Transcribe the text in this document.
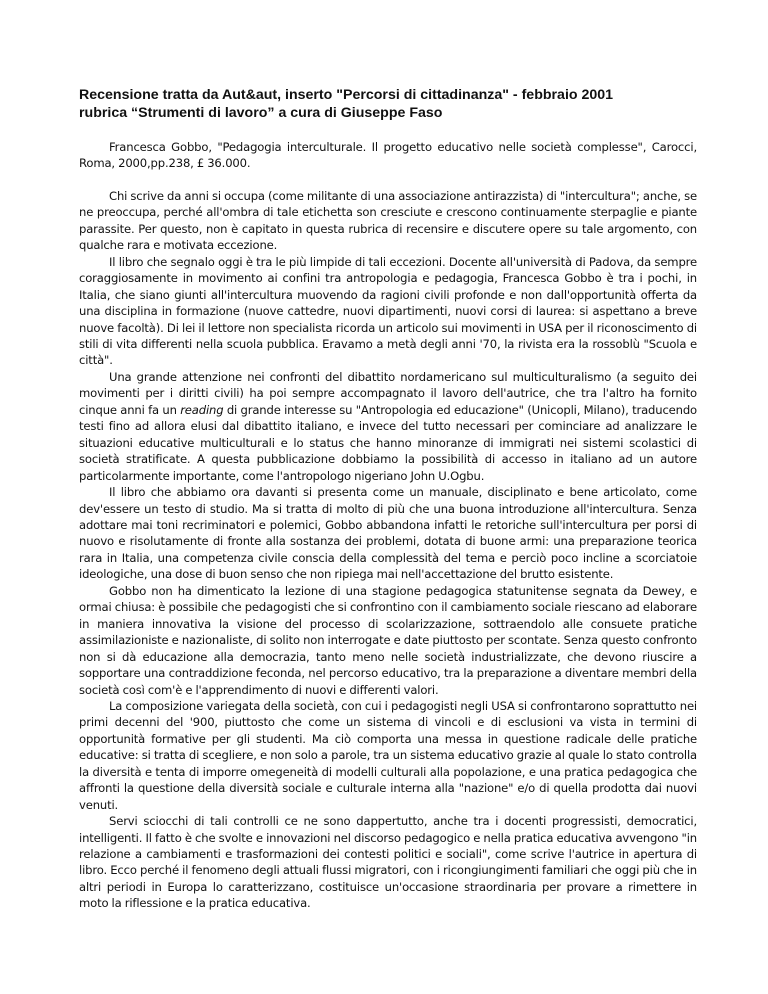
Recensione tratta da Aut&aut, inserto "Percorsi di cittadinanza" - febbraio 2001
rubrica “Strumenti di lavoro” a cura di Giuseppe Faso

Francesca Gobbo, "Pedagogia interculturale. Il progetto educativo nelle società complesse", Carocci, Roma, 2000,pp.238, £ 36.000.

Chi scrive da anni si occupa (come militante di una associazione antirazzista) di "intercultura"; anche, se ne preoccupa, perché all'ombra di tale etichetta son cresciute e crescono continuamente sterpaglie e piante parassite. Per questo, non è capitato in questa rubrica di recensire e discutere opere su tale argomento, con qualche rara e motivata eccezione.

Il libro che segnalo oggi è tra le più limpide di tali eccezioni. Docente all'università di Padova, da sempre coraggiosamente in movimento ai confini tra antropologia e pedagogia, Francesca Gobbo è tra i pochi, in Italia, che siano giunti all'intercultura muovendo da ragioni civili profonde e non dall'opportunità offerta da una disciplina in formazione (nuove cattedre, nuovi dipartimenti, nuovi corsi di laurea: si aspettano a breve nuove facoltà). Di lei il lettore non specialista ricorda un articolo sui movimenti in USA per il riconoscimento di stili di vita differenti nella scuola pubblica. Eravamo a metà degli anni '70, la rivista era la rossoblù "Scuola e città".

Una grande attenzione nei confronti del dibattito nordamericano sul multiculturalismo (a seguito dei movimenti per i diritti civili) ha poi sempre accompagnato il lavoro dell'autrice, che tra l'altro ha fornito cinque anni fa un reading di grande interesse su "Antropologia ed educazione" (Unicopli, Milano), traducendo testi fino ad allora elusi dal dibattito italiano, e invece del tutto necessari per cominciare ad analizzare le situazioni educative multiculturali e lo status che hanno minoranze di immigrati nei sistemi scolastici di società stratificate. A questa pubblicazione dobbiamo la possibilità di accesso in italiano ad un autore particolarmente importante, come l'antropologo nigeriano John U.Ogbu.

Il libro che abbiamo ora davanti si presenta come un manuale, disciplinato e bene articolato, come dev'essere un testo di studio. Ma si tratta di molto di più che una buona introduzione all'intercultura. Senza adottare mai toni recriminatori e polemici, Gobbo abbandona infatti le retoriche sull'intercultura per porsi di nuovo e risolutamente di fronte alla sostanza dei problemi, dotata di buone armi: una preparazione teorica rara in Italia, una competenza civile conscia della complessità del tema e perciò poco incline a scorciatoie ideologiche, una dose di buon senso che non ripiega mai nell'accettazione del brutto esistente.

Gobbo non ha dimenticato la lezione di una stagione pedagogica statunitense segnata da Dewey, e ormai chiusa: è possibile che pedagogisti che si confrontino con il cambiamento sociale riescano ad elaborare in maniera innovativa la visione del processo di scolarizzazione, sottraendolo alle consuete pratiche assimilazioniste e nazionaliste, di solito non interrogate e date piuttosto per scontate. Senza questo confronto non si dà educazione alla democrazia, tanto meno nelle società industrializzate, che devono riuscire a sopportare una contraddizione feconda, nel percorso educativo, tra la preparazione a diventare membri della società così com'è e l'apprendimento di nuovi e differenti valori.

La composizione variegata della società, con cui i pedagogisti negli USA si confrontarono soprattutto nei primi decenni del '900, piuttosto che come un sistema di vincoli e di esclusioni va vista in termini di opportunità formative per gli studenti. Ma ciò comporta una messa in questione radicale delle pratiche educative: si tratta di scegliere, e non solo a parole, tra un sistema educativo grazie al quale lo stato controlla la diversità e tenta di imporre omegeneità di modelli culturali alla popolazione, e una pratica pedagogica che affronti la questione della diversità sociale e culturale interna alla "nazione" e/o di quella prodotta dai nuovi venuti.

Servi sciocchi di tali controlli ce ne sono dappertutto, anche tra i docenti progressisti, democratici, intelligenti. Il fatto è che svolte e innovazioni nel discorso pedagogico e nella pratica educativa avvengono "in relazione a cambiamenti e trasformazioni dei contesti politici e sociali", come scrive l'autrice in apertura di libro. Ecco perché il fenomeno degli attuali flussi migratori, con i ricongiungimenti familiari che oggi più che in altri periodi in Europa lo caratterizzano, costituisce un'occasione straordinaria per provare a rimettere in moto la riflessione e la pratica educativa.
